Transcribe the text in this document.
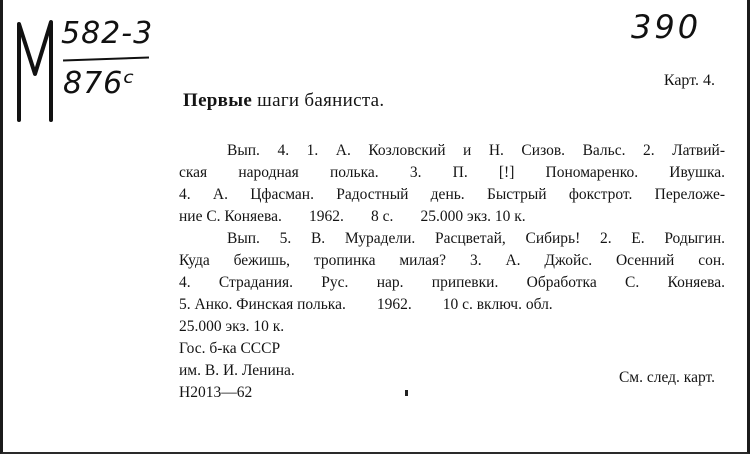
582-3
876ᶜ
390
Карт. 4.
Первые шаги баяниста.
Вып. 4. 1. А. Козловский и Н. Сизов. Вальс. 2. Латвий-
ская народная полька. 3. П. [!] Пономаренко. Ивушка.
4. А. Цфасман. Радостный день. Быстрый фокстрот. Переложе-
ние С. Коняева.       1962.       8 с.       25.000 экз. 10 к.
Вып. 5. В. Мурадели. Расцветай, Сибирь! 2. Е. Родыгин.
Куда бежишь, тропинка милая? 3. А. Джойс. Осенний сон.
4. Страдания. Рус. нар. припевки. Обработка С. Коняева.
5. Анко. Финская полька.        1962.        10 с. включ. обл.
25.000 экз. 10 к.
Гос. б-ка СССР
им. В. И. Ленина.
Н2013—62
См. след. карт.
